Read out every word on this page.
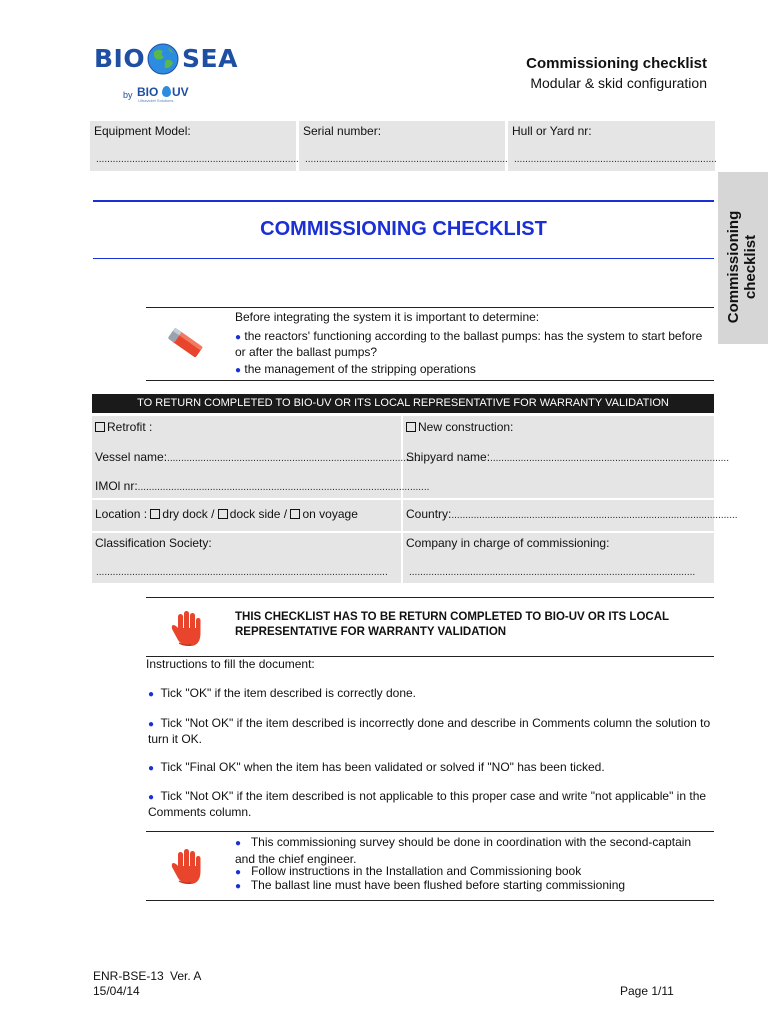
BIO SEA
by BIO UV
Ultraviolet Solutions
Commissioning checklist
Modular & skid configuration
Equipment Model:
.........................................................................
Serial number:
.........................................................................
Hull or Yard nr:
.........................................................................
Commissioning checklist
COMMISSIONING CHECKLIST
Before integrating the system it is important to determine:
● the reactors' functioning according to the ballast pumps: has the system to start before or after the ballast pumps?
● the management of the stripping operations
TO RETURN COMPLETED TO BIO-UV OR ITS LOCAL REPRESENTATIVE FOR WARRANTY VALIDATION
Retrofit :	New construction:
Vessel name:...........................................................................................
Shipyard name:......................................................................................
IMOl nr:.........................................................................................................
Location : dry dock / dock side / on voyage	Country:.......................................................................................................
Classification Society:
.........................................................................................................
Company in charge of commissioning:
.......................................................................................................
THIS CHECKLIST HAS TO BE RETURN COMPLETED TO BIO-UV OR ITS LOCAL
REPRESENTATIVE FOR WARRANTY VALIDATION
Instructions to fill the document:
● Tick "OK" if the item described is correctly done.
● Tick "Not OK" if the item described is incorrectly done and describe in Comments column the solution to turn it OK.
● Tick "Final OK" when the item has been validated or solved if "NO" has been ticked.
● Tick "Not OK" if the item described is not applicable to this proper case and write "not applicable" in the Comments column.
● This commissioning survey should be done in coordination with the second-captain and the chief engineer.
● Follow instructions in the Installation and Commissioning book
● The ballast line must have been flushed before starting commissioning
ENR-BSE-13 Ver. A
15/04/14	Page 1/11
